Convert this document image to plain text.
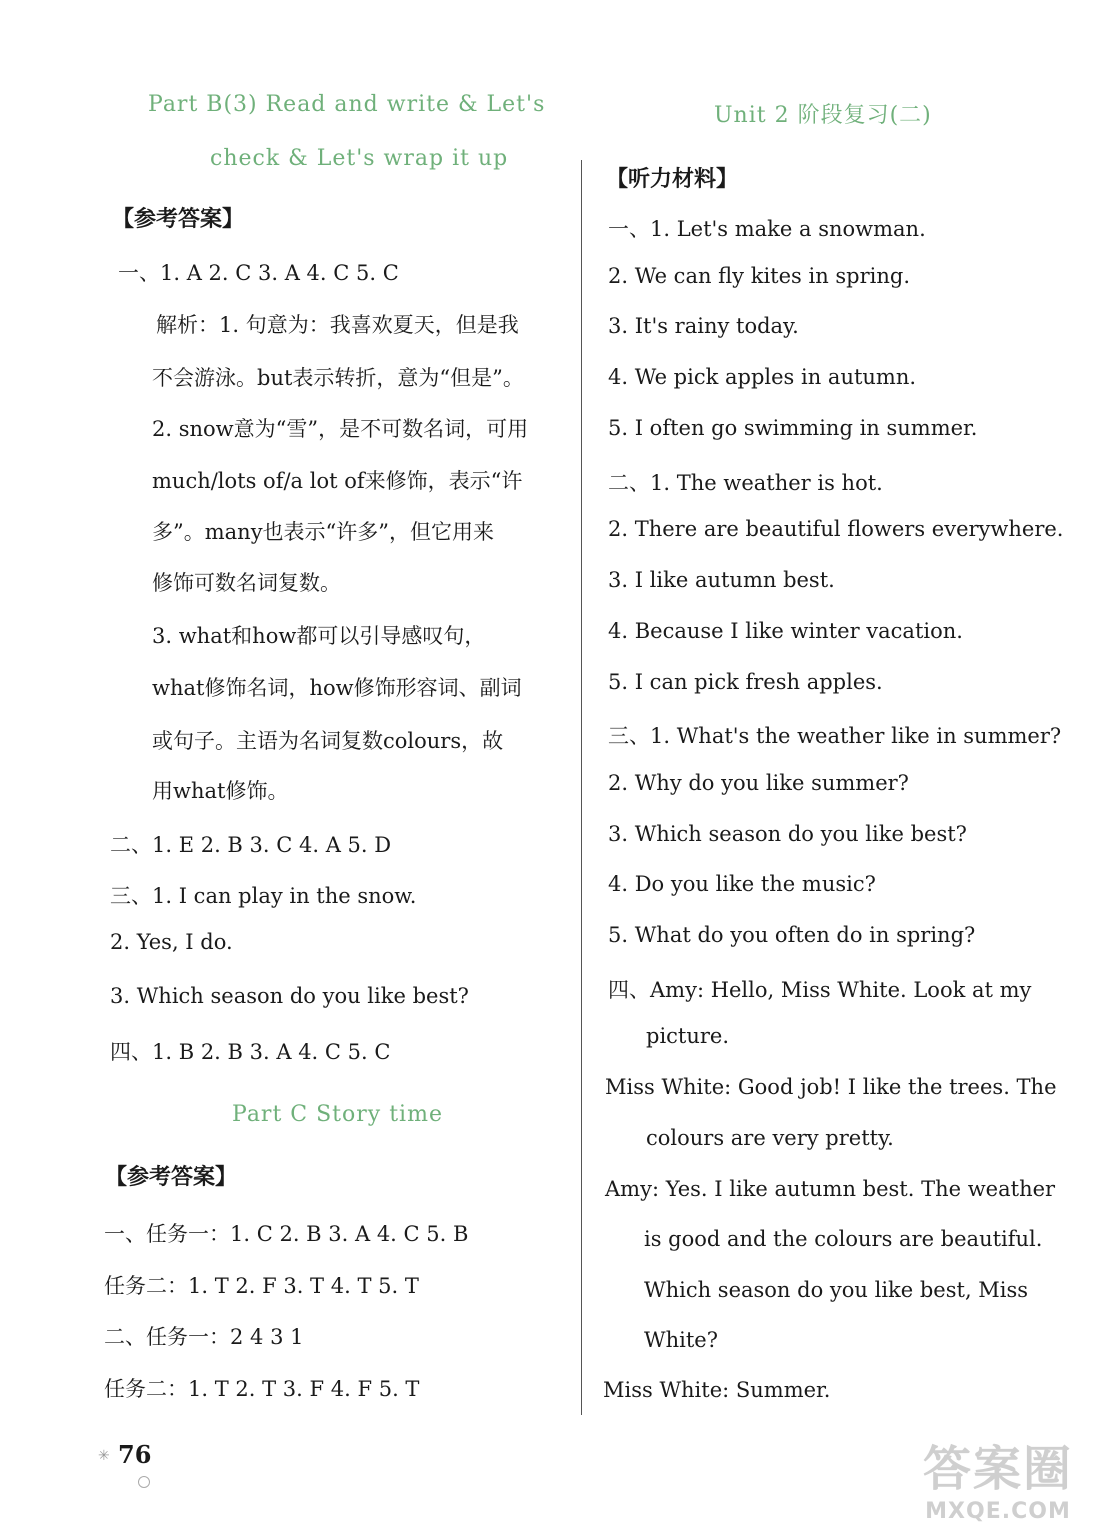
Part B(3) Read and write & Let's
check & Let's wrap it up
【参考答案】
一、1. A 2. C 3. A 4. C 5. C
解析：1. 句意为：我喜欢夏天，但是我
不会游泳。but表示转折，意为“但是”。
2. snow意为“雪”，是不可数名词，可用
much/lots of/a lot of来修饰，表示“许
多”。many也表示“许多”，但它用来
修饰可数名词复数。
3. what和how都可以引导感叹句，
what修饰名词，how修饰形容词、副词
或句子。主语为名词复数colours，故
用what修饰。
二、1. E 2. B 3. C 4. A 5. D
三、1. I can play in the snow.
2. Yes, I do.
3. Which season do you like best?
四、1. B 2. B 3. A 4. C 5. C
Part C Story time
【参考答案】
一、任务一：1. C 2. B 3. A 4. C 5. B
任务二：1. T 2. F 3. T 4. T 5. T
二、任务一：2 4 3 1
任务二：1. T 2. T 3. F 4. F 5. T
Unit 2 阶段复习(二)
【听力材料】
一、1. Let's make a snowman.
2. We can fly kites in spring.
3. It's rainy today.
4. We pick apples in autumn.
5. I often go swimming in summer.
二、1. The weather is hot.
2. There are beautiful flowers everywhere.
3. I like autumn best.
4. Because I like winter vacation.
5. I can pick fresh apples.
三、1. What's the weather like in summer?
2. Why do you like summer?
3. Which season do you like best?
4. Do you like the music?
5. What do you often do in spring?
四、Amy: Hello, Miss White. Look at my
picture.
Miss White: Good job! I like the trees. The
colours are very pretty.
Amy: Yes. I like autumn best. The weather
is good and the colours are beautiful.
Which season do you like best, Miss
White?
Miss White: Summer.
✳ 76	答案圈
MXQE.COM
